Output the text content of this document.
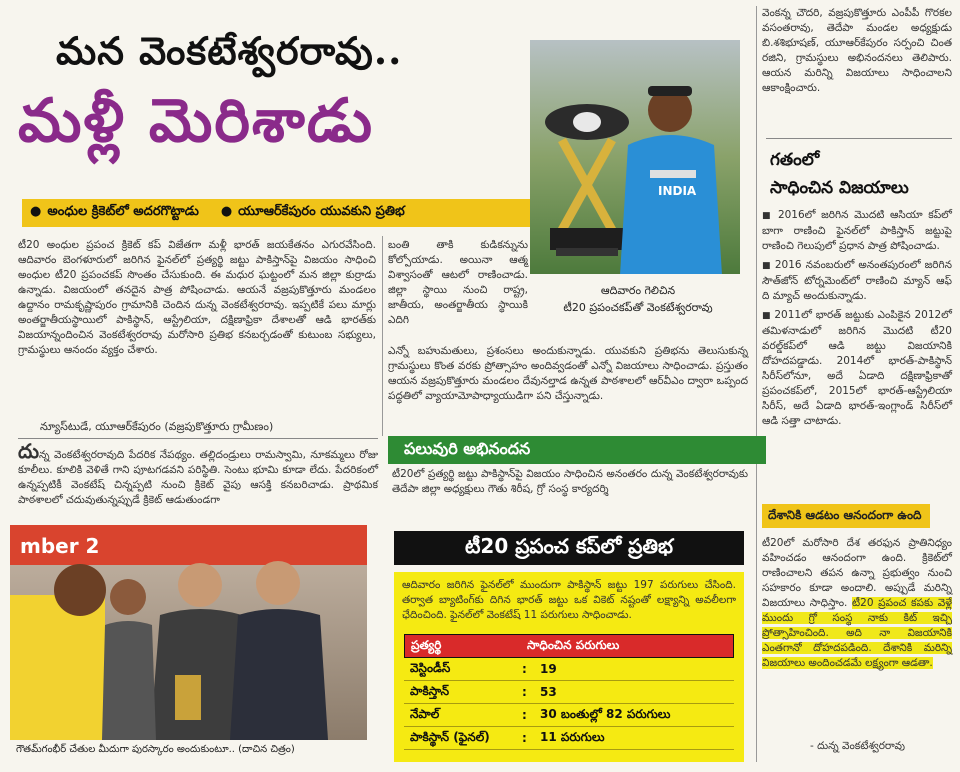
మన వెంకటేశ్వరరావు..
మళ్లీ మెరిశాడు
● అంధుల క్రికెట్‌లో అదరగొట్టాడు
●	యూఆర్‌కేపురం యువకుని ప్రతిభ
INDIA
ఆదివారం గెలిచిన
టీ20 ప్రపంచకప్‌తో వెంకటేశ్వరరావు
టీ20 అంధుల ప్రపంచ క్రికెట్ కప్ విజేతగా మళ్లీ భారత్ జయకేతనం ఎగురవేసింది. ఆదివారం బెంగళూరులో జరిగిన ఫైనల్‌లో ప్రత్యర్థి జట్టు పాకిస్తాన్‌పై విజయం సాధించి అంధుల టీ20 ప్రపంచకప్ సొంతం చేసుకుంది. ఈ మధుర ఘట్టంలో మన జిల్లా కుర్రాడు ఉన్నాడు. విజయంలో తనదైన పాత్ర పోషించాడు. ఆయనే వజ్రపుకొత్తూరు మండలం ఉద్దానం రామకృష్ణాపురం గ్రామానికి చెందిన దున్న వెంకటేశ్వరరావు. ఇప్పటికే పలు మార్లు అంతర్జాతీయస్థాయిలో పాకిస్థాన్, ఆస్ట్రేలియా, దక్షిణాఫ్రికా దేశాలతో ఆడి భారత్‌కు విజయాన్నందించిన వెంకటేశ్వరరావు మరోసారి ప్రతిభ కనబర్చడంతో కుటుంబ సభ్యులు, గ్రామస్థులు ఆనందం వ్యక్తం చేశారు.
న్యూస్‌టుడే, యూఆర్‌కేపురం (వజ్రపుకొత్తూరు గ్రామీణం)
బంతి తాకి కుడికన్నును కోల్పోయాడు. అయినా ఆత్మ విశ్వాసంతో ఆటలో రాణించాడు. జిల్లా స్థాయి నుంచి రాష్ట్ర, జాతీయ, అంతర్జాతీయ స్థాయికి ఎదిగి
ఎన్నో బహుమతులు, ప్రశంసలు అందుకున్నాడు. యువకుని ప్రతిభను తెలుసుకున్న గ్రామస్థులు కొంత వరకు ప్రోత్సాహం అందివ్వడంతో ఎన్నో విజయాలు సాధించాడు. ప్రస్తుతం ఆయన వజ్రపుకొత్తూరు మండలం దేవునల్తాడ ఉన్నత పాఠశాలలో ఆర్‌వీఎం ద్వారా ఒప్పంద పద్ధతిలో వ్యాయామోపాధ్యాయుడిగా పని చేస్తున్నాడు.
దున్న వెంకటేశ్వరరావుది పేదరిక నేపథ్యం. తల్లిదండ్రులు రామస్వామి, నూకమ్మలు రోజు కూలీలు. కూలికి వెళితే గాని పూటగడవని పరిస్థితి. సెంటు భూమి కూడా లేదు. పేదరికంలో ఉన్నప్పటికీ వెంకటేష్ చిన్నప్పటి నుంచి క్రికెట్ వైపు ఆసక్తి కనబరిచాడు. ప్రాథమిక పాఠశాలలో చదువుతున్నప్పుడే క్రికెట్ ఆడుతుండగా
mber 2
గౌతమ్‌గంభీర్ చేతుల మీదుగా పురస్కారం అందుకుంటూ.. (దాచిన చిత్రం)
పలువురి అభినందన
టీ20లో ప్రత్యర్థి జట్టు పాకిస్థాన్‌పై విజయం సాధించిన అనంతరం దున్న వెంకటేశ్వరరావుకు తెదేపా జిల్లా అధ్యక్షులు గౌతు శిరీష, గ్రో సంస్థ కార్యదర్శి
టీ20 ప్రపంచ కప్‌లో ప్రతిభ
ఆదివారం జరిగిన ఫైనల్‌లో ముందుగా పాకిస్థాన్ జట్టు 197 పరుగులు చేసింది. తర్వాత బ్యాటింగ్‌కు దిగిన భారత్ జట్టు ఒక వికెట్ నష్టంతో లక్ష్యాన్ని అవలీలగా ఛేదించింది. ఫైనల్‌లో వెంకటేష్ 11 పరుగులు సాధించాడు.
ప్రత్యర్థి	సాధించిన పరుగులు
వెస్టిండీస్	:	19
పాకిస్తాన్	:	53
నేపాల్	:	30 బంతుల్లో 82 పరుగులు
పాకిస్థాన్ (ఫైనల్)	:	11 పరుగులు
వెంకన్న చౌదరి, వజ్రపుకొత్తూరు ఎంపీపీ గొరకల వసంతరావు, తెదేపా మండల అధ్యక్షుడు బి.శశిభూషణ్, యూఆర్‌కేపురం సర్పంచి చింత రజిని, గ్రామస్థులు అభినందనలు తెలిపారు. ఆయన మరిన్ని విజయాలు సాధించాలని ఆకాంక్షించారు.
గతంలో
సాధించిన విజయాలు
■ 2016లో జరిగిన మొదటి ఆసియా కప్‌లో బాగా రాణించి ఫైనల్‌లో పాకిస్తాన్ జట్టుపై రాణించి గెలుపులో ప్రధాన పాత్ర పోషించాడు.
■ 2016 నవంబరులో అనంతపురంలో జరిగిన సౌత్‌జోన్ టోర్నమెంట్‌లో రాణించి మ్యాన్ ఆఫ్ ది మ్యాచ్ అందుకున్నాడు.
■ 2011లో భారత్ జట్టుకు ఎంపికైన 2012లో తమిళనాడులో జరిగిన మొదటి టీ20 వరల్డ్‌కప్‌లో ఆడి జట్టు విజయానికి దోహదపడ్డాడు. 2014లో భారత్-పాకిస్థాన్ సిరీస్‌లోనూ, అదే ఏడాది దక్షిణాఫ్రికాతో ప్రపంచకప్‌లో, 2015లో భారత్-ఆస్ట్రేలియా సిరీస్, అదే ఏడాది భారత్-ఇంగ్లాండ్ సిరీస్‌లో ఆడి సత్తా చాటాడు.
దేశానికి ఆడటం ఆనందంగా ఉంది
టీ20లో మరోసారి దేశ తరఫున ప్రాతినిధ్యం వహించడం ఆనందంగా ఉంది. క్రికెట్‌లో రాణించాలని తపన ఉన్నా ప్రభుత్వం నుంచి సహకారం కూడా అందాలి. అప్పుడే మరిన్ని విజయాలు సాధిస్తాం. టీ20 ప్రపంచ కపకు వెళ్లే ముందు గ్రో సంస్థ నాకు కిట్ ఇచ్చి ప్రోత్సాహించింది. అది నా విజయానికి ఎంతగానో దోహదపడింది. దేశానికి మరిన్ని విజయాలు అందించడమే లక్ష్యంగా ఆడతా.
- దున్న వెంకటేశ్వరరావు
